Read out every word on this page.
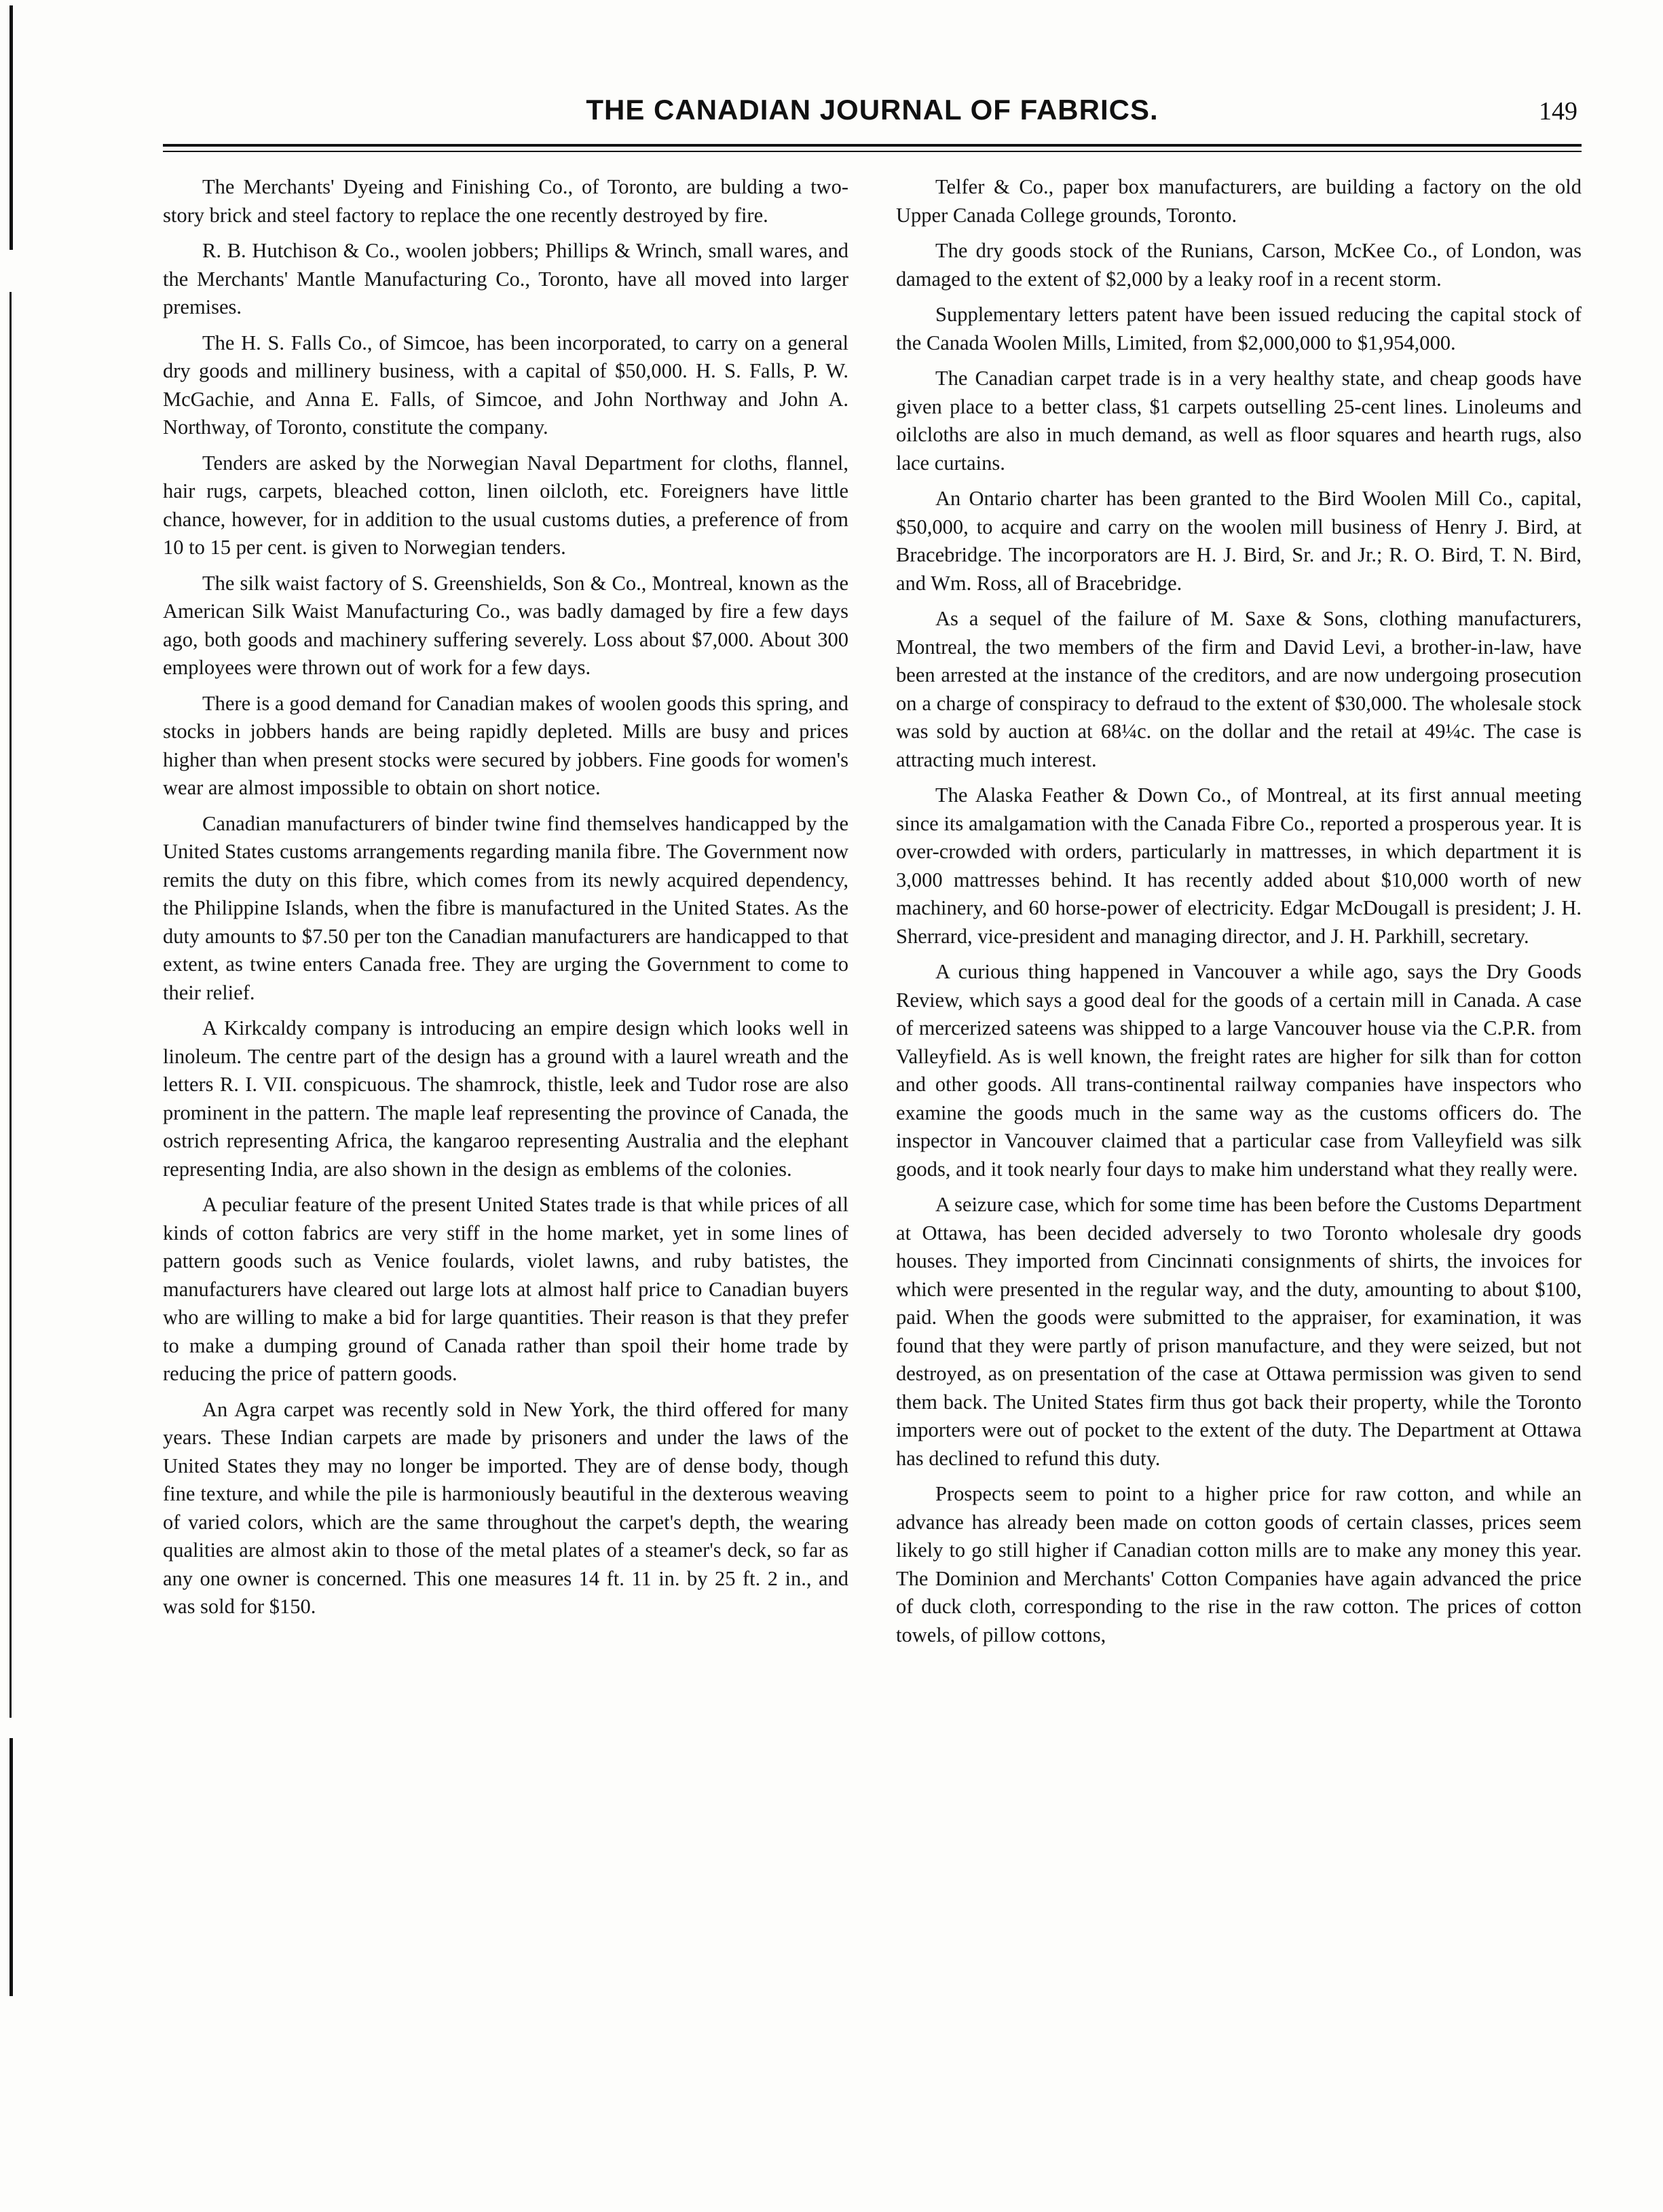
THE CANADIAN JOURNAL OF FABRICS.	149

The Merchants' Dyeing and Finishing Co., of Toronto, are bulding a two-story brick and steel factory to replace the one recently destroyed by fire.

R. B. Hutchison & Co., woolen jobbers; Phillips & Wrinch, small wares, and the Merchants' Mantle Manufacturing Co., Toronto, have all moved into larger premises.

The H. S. Falls Co., of Simcoe, has been incorporated, to carry on a general dry goods and millinery business, with a capital of $50,000. H. S. Falls, P. W. McGachie, and Anna E. Falls, of Simcoe, and John Northway and John A. Northway, of Toronto, constitute the company.

Tenders are asked by the Norwegian Naval Department for cloths, flannel, hair rugs, carpets, bleached cotton, linen oilcloth, etc. Foreigners have little chance, however, for in addition to the usual customs duties, a preference of from 10 to 15 per cent. is given to Norwegian tenders.

The silk waist factory of S. Greenshields, Son & Co., Montreal, known as the American Silk Waist Manufacturing Co., was badly damaged by fire a few days ago, both goods and machinery suffering severely. Loss about $7,000. About 300 employees were thrown out of work for a few days.

There is a good demand for Canadian makes of woolen goods this spring, and stocks in jobbers hands are being rapidly depleted. Mills are busy and prices higher than when present stocks were secured by jobbers. Fine goods for women's wear are almost impossible to obtain on short notice.

Canadian manufacturers of binder twine find themselves handicapped by the United States customs arrangements regarding manila fibre. The Government now remits the duty on this fibre, which comes from its newly acquired dependency, the Philippine Islands, when the fibre is manufactured in the United States. As the duty amounts to $7.50 per ton the Canadian manufacturers are handicapped to that extent, as twine enters Canada free. They are urging the Government to come to their relief.

A Kirkcaldy company is introducing an empire design which looks well in linoleum. The centre part of the design has a ground with a laurel wreath and the letters R. I. VII. conspicuous. The shamrock, thistle, leek and Tudor rose are also prominent in the pattern. The maple leaf representing the province of Canada, the ostrich representing Africa, the kangaroo representing Australia and the elephant representing India, are also shown in the design as emblems of the colonies.

A peculiar feature of the present United States trade is that while prices of all kinds of cotton fabrics are very stiff in the home market, yet in some lines of pattern goods such as Venice foulards, violet lawns, and ruby batistes, the manufacturers have cleared out large lots at almost half price to Canadian buyers who are willing to make a bid for large quantities. Their reason is that they prefer to make a dumping ground of Canada rather than spoil their home trade by reducing the price of pattern goods.

An Agra carpet was recently sold in New York, the third offered for many years. These Indian carpets are made by prisoners and under the laws of the United States they may no longer be imported. They are of dense body, though fine texture, and while the pile is harmoniously beautiful in the dexterous weaving of varied colors, which are the same throughout the carpet's depth, the wearing qualities are almost akin to those of the metal plates of a steamer's deck, so far as any one owner is concerned. This one measures 14 ft. 11 in. by 25 ft. 2 in., and was sold for $150.

Telfer & Co., paper box manufacturers, are building a factory on the old Upper Canada College grounds, Toronto.

The dry goods stock of the Runians, Carson, McKee Co., of London, was damaged to the extent of $2,000 by a leaky roof in a recent storm.

Supplementary letters patent have been issued reducing the capital stock of the Canada Woolen Mills, Limited, from $2,000,000 to $1,954,000.

The Canadian carpet trade is in a very healthy state, and cheap goods have given place to a better class, $1 carpets outselling 25-cent lines. Linoleums and oilcloths are also in much demand, as well as floor squares and hearth rugs, also lace curtains.

An Ontario charter has been granted to the Bird Woolen Mill Co., capital, $50,000, to acquire and carry on the woolen mill business of Henry J. Bird, at Bracebridge. The incorporators are H. J. Bird, Sr. and Jr.; R. O. Bird, T. N. Bird, and Wm. Ross, all of Bracebridge.

As a sequel of the failure of M. Saxe & Sons, clothing manufacturers, Montreal, the two members of the firm and David Levi, a brother-in-law, have been arrested at the instance of the creditors, and are now undergoing prosecution on a charge of conspiracy to defraud to the extent of $30,000. The wholesale stock was sold by auction at 68¼c. on the dollar and the retail at 49¼c. The case is attracting much interest.

The Alaska Feather & Down Co., of Montreal, at its first annual meeting since its amalgamation with the Canada Fibre Co., reported a prosperous year. It is over-crowded with orders, particularly in mattresses, in which department it is 3,000 mattresses behind. It has recently added about $10,000 worth of new machinery, and 60 horse-power of electricity. Edgar McDougall is president; J. H. Sherrard, vice-president and managing director, and J. H. Parkhill, secretary.

A curious thing happened in Vancouver a while ago, says the Dry Goods Review, which says a good deal for the goods of a certain mill in Canada. A case of mercerized sateens was shipped to a large Vancouver house via the C.P.R. from Valleyfield. As is well known, the freight rates are higher for silk than for cotton and other goods. All trans-continental railway companies have inspectors who examine the goods much in the same way as the customs officers do. The inspector in Vancouver claimed that a particular case from Valleyfield was silk goods, and it took nearly four days to make him understand what they really were.

A seizure case, which for some time has been before the Customs Department at Ottawa, has been decided adversely to two Toronto wholesale dry goods houses. They imported from Cincinnati consignments of shirts, the invoices for which were presented in the regular way, and the duty, amounting to about $100, paid. When the goods were submitted to the appraiser, for examination, it was found that they were partly of prison manufacture, and they were seized, but not destroyed, as on presentation of the case at Ottawa permission was given to send them back. The United States firm thus got back their property, while the Toronto importers were out of pocket to the extent of the duty. The Department at Ottawa has declined to refund this duty.

Prospects seem to point to a higher price for raw cotton, and while an advance has already been made on cotton goods of certain classes, prices seem likely to go still higher if Canadian cotton mills are to make any money this year. The Dominion and Merchants' Cotton Companies have again advanced the price of duck cloth, corresponding to the rise in the raw cotton. The prices of cotton towels, of pillow cottons,
